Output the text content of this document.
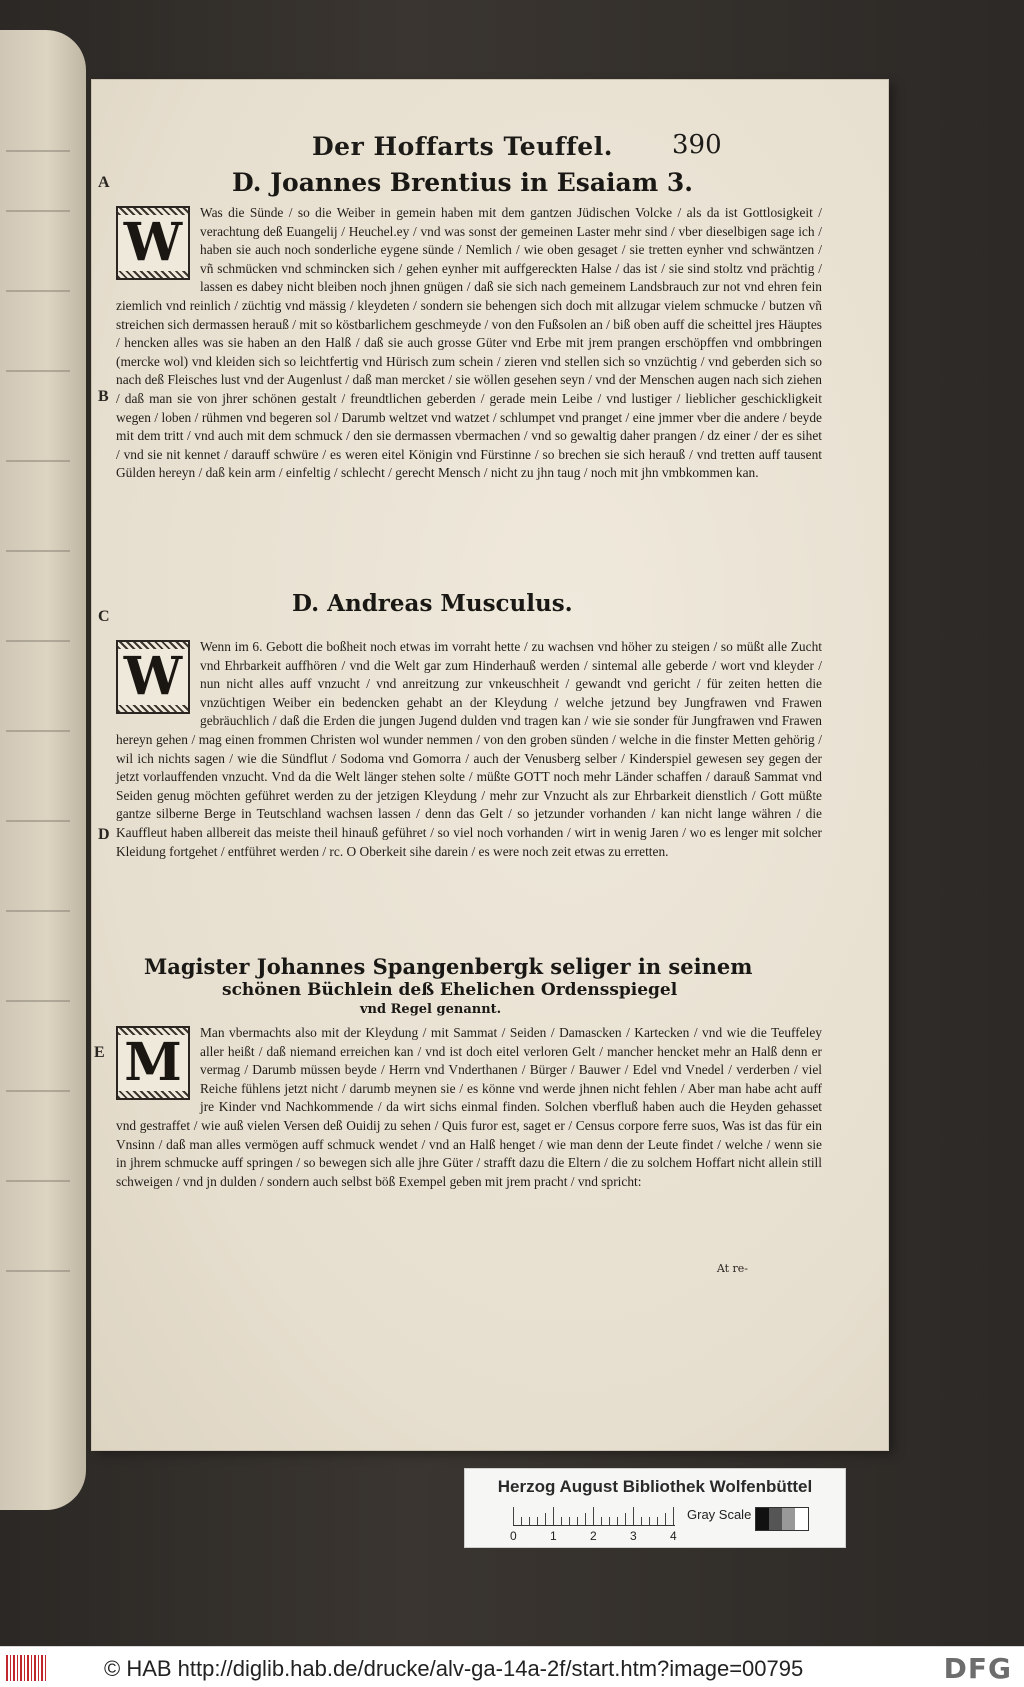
Der Hoffarts Teuffel. 390
A
B
C
D
E
D. Joannes Brentius in Esaiam 3.
W	Was die Sünde / so die Weiber in gemein haben mit dem gantzen Jüdischen Volcke / als da ist Gottlosigkeit / verachtung deß Euangelij / Heuchel.ey / vnd was sonst der gemeinen Laster mehr sind / vber dieselbigen sage ich / haben sie auch noch sonderliche eygene sünde / Nemlich / wie oben gesaget / sie tretten eynher vnd schwäntzen / vñ schmücken vnd schmincken sich / gehen eynher mit auffgereckten Halse / das ist / sie sind stoltz vnd prächtig / lassen es dabey nicht bleiben noch jhnen gnügen / daß sie sich nach gemeinem Landsbrauch zur not vnd ehren fein ziemlich vnd reinlich / züchtig vnd mässig / kleydeten / sondern sie behengen sich doch mit allzugar vielem schmucke / butzen vñ streichen sich dermassen herauß / mit so köstbarlichem geschmeyde / von den Fußsolen an / biß oben auff die scheittel jres Häuptes / hencken alles was sie haben an den Halß / daß sie auch grosse Güter vnd Erbe mit jrem prangen erschöpffen vnd ombbringen (mercke wol) vnd kleiden sich so leichtfertig vnd Hürisch zum schein / zieren vnd stellen sich so vnzüchtig / vnd geberden sich so nach deß Fleisches lust vnd der Augenlust / daß man mercket / sie wöllen gesehen seyn / vnd der Menschen augen nach sich ziehen / daß man sie von jhrer schönen gestalt / freundtlichen geberden / gerade mein Leibe / vnd lustiger / lieblicher geschickligkeit wegen / loben / rühmen vnd begeren sol / Darumb weltzet vnd watzet / schlumpet vnd pranget / eine jmmer vber die andere / beyde mit dem tritt / vnd auch mit dem schmuck / den sie dermassen vbermachen / vnd so gewaltig daher prangen / dz einer / der es sihet / vnd sie nit kennet / darauff schwüre / es weren eitel Königin vnd Fürstinne / so brechen sie sich herauß / vnd tretten auff tausent Gülden hereyn / daß kein arm / einfeltig / schlecht / gerecht Mensch / nicht zu jhn taug / noch mit jhn vmbkommen kan.

D. Andreas Musculus.
W	Wenn im 6. Gebott die boßheit noch etwas im vorraht hette / zu wachsen vnd höher zu steigen / so müßt alle Zucht vnd Ehrbarkeit auffhören / vnd die Welt gar zum Hinderhauß werden / sintemal alle geberde / wort vnd kleyder / nun nicht alles auff vnzucht / vnd anreitzung zur vnkeuschheit / gewandt vnd gericht / für zeiten hetten die vnzüchtigen Weiber ein bedencken gehabt an der Kleydung / welche jetzund bey Jungfrawen vnd Frawen gebräuchlich / daß die Erden die jungen Jugend dulden vnd tragen kan / wie sie sonder für Jungfrawen vnd Frawen hereyn gehen / mag einen frommen Christen wol wunder nemmen / von den groben sünden / welche in die finster Metten gehörig / wil ich nichts sagen / wie die Sündflut / Sodoma vnd Gomorra / auch der Venusberg selber / Kinderspiel gewesen sey gegen der jetzt vorlauffenden vnzucht. Vnd da die Welt länger stehen solte / müßte GOTT noch mehr Länder schaffen / darauß Sammat vnd Seiden genug möchten geführet werden zu der jetzigen Kleydung / mehr zur Vnzucht als zur Ehrbarkeit dienstlich / Gott müßte gantze silberne Berge in Teutschland wachsen lassen / denn das Gelt / so jetzunder vorhanden / kan nicht lange währen / die Kauffleut haben allbereit das meiste theil hinauß geführet / so viel noch vorhanden / wirt in wenig Jaren / wo es lenger mit solcher Kleidung fortgehet / entführet werden / rc. O Oberkeit sihe darein / es were noch zeit etwas zu erretten.

Magister Johannes Spangenbergk seliger in seinem
schönen Büchlein deß Ehelichen Ordensspiegel
vnd Regel genannt.
M	Man vbermachts also mit der Kleydung / mit Sammat / Seiden / Damascken / Kartecken / vnd wie die Teuffeley aller heißt / daß niemand erreichen kan / vnd ist doch eitel verloren Gelt / mancher hencket mehr an Halß denn er vermag / Darumb müssen beyde / Herrn vnd Vnderthanen / Bürger / Bauwer / Edel vnd Vnedel / verderben / viel Reiche fühlens jetzt nicht / darumb meynen sie / es könne vnd werde jhnen nicht fehlen / Aber man habe acht auff jre Kinder vnd Nachkommende / da wirt sichs einmal finden. Solchen vberfluß haben auch die Heyden gehasset vnd gestraffet / wie auß vielen Versen deß Ouidij zu sehen / Quis furor est, saget er / Census corpore ferre suos, Was ist das für ein Vnsinn / daß man alles vermögen auff schmuck wendet / vnd an Halß henget / wie man denn der Leute findet / welche / wenn sie in jhrem schmucke auff springen / so bewegen sich alle jhre Güter / strafft dazu die Eltern / die zu solchem Hoffart nicht allein still schweigen / vnd jn dulden / sondern auch selbst böß Exempel geben mit jrem pracht / vnd spricht:

At re-
Herzog August Bibliothek Wolfenbüttel
0	1	2	3	4
Gray Scale
© HAB http://diglib.hab.de/drucke/alv-ga-14a-2f/start.htm?image=00795	DFG
